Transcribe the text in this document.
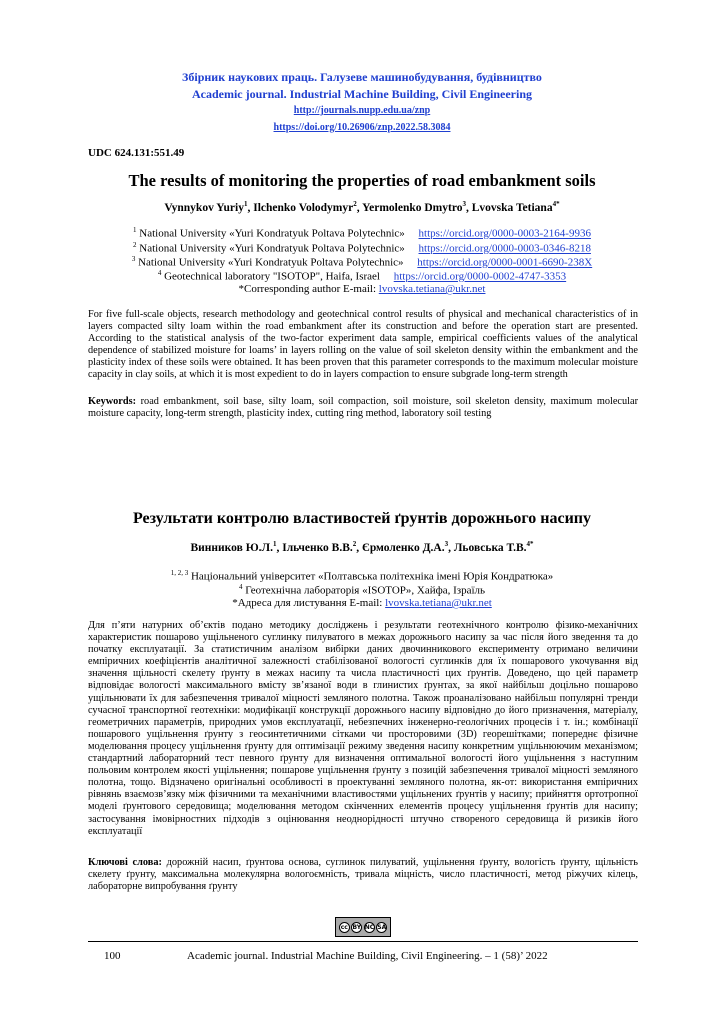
Збірник наукових праць. Галузеве машинобудування, будівництво
Academic journal. Industrial Machine Building, Civil Engineering
http://journals.nupp.edu.ua/znp
https://doi.org/10.26906/znp.2022.58.3084
UDC 624.131:551.49
The results of monitoring the properties of road embankment soils
Vynnykov Yuriy$^1$, Ilchenko Volodymyr$^2$, Yermolenko Dmytro$^3$, Lvovska Tetiana$^{4*}$
$^1$ National University «Yuri Kondratyuk Poltava Polytechnic» https://orcid.org/0000-0003-2164-9936
$^2$ National University «Yuri Kondratyuk Poltava Polytechnic» https://orcid.org/0000-0003-0346-8218
$^3$ National University «Yuri Kondratyuk Poltava Polytechnic» https://orcid.org/0000-0001-6690-238X
$^4$ Geotechnical laboratory "ISOTOP", Haifa, Israel https://orcid.org/0000-0002-4747-3353
*Corresponding author E-mail: lvovska.tetiana@ukr.net
For five full-scale objects, research methodology and geotechnical control results of physical and mechanical characteristics of in layers compacted silty loam within the road embankment after its construction and before the operation start are presented. According to the statistical analysis of the two-factor experiment data sample, empirical coefficients values of the analytical dependence of stabilized moisture for loams’ in layers rolling on the value of soil skeleton density within the embankment and the plasticity index of these soils were obtained. It has been proven that this parameter corresponds to the maximum molecular moisture capacity in clay soils, at which it is most expedient to do in layers compaction to ensure subgrade long-term strength
Keywords: road embankment, soil base, silty loam, soil compaction, soil moisture, soil skeleton density, maximum molecular moisture capacity, long-term strength, plasticity index, cutting ring method, laboratory soil testing
Результати контролю властивостей ґрунтів дорожнього насипу
Винников Ю.Л.$^1$, Ільченко В.В.$^2$, Єрмоленко Д.А.$^3$, Льовська Т.В.$^{4*}$
$^{1, 2, 3}$ Національний університет «Полтавська політехніка імені Юрія Кондратюка»
$^4$ Геотехнічна лабораторія «ISOTOP», Хайфа, Ізраїль
*Адреса для листування E-mail: lvovska.tetiana@ukr.net
Для п’яти натурних об’єктів подано методику досліджень і результати геотехнічного контролю фізико-механічних характеристик пошарово ущільненого суглинку пилуватого в межах дорожнього насипу за час після його зведення та до початку експлуатації. За статистичним аналізом вибірки даних двочинникового експерименту отримано величини емпіричних коефіцієнтів аналітичної залежності стабілізованої вологості суглинків для їх пошарового укочування від значення щільності скелету ґрунту в межах насипу та числа пластичності цих ґрунтів. Доведено, що цей параметр відповідає вологості максимального вмісту зв’язаної води в глинистих ґрунтах, за якої найбільш доцільно пошарово ущільнювати їх для забезпечення тривалої міцності земляного полотна. Також проаналізовано найбільш популярні тренди сучасної транспортної геотехніки: модифікації конструкції дорожнього насипу відповідно до його призначення, матеріалу, геометричних параметрів, природних умов експлуатації, небезпечних інженерно-геологічних процесів і т. ін.; комбінації пошарового ущільнення ґрунту з геосинтетичними сітками чи просторовими (3D) георешітками; попереднє фізичне моделювання процесу ущільнення ґрунту для оптимізації режиму зведення насипу конкретним ущільнюючим механізмом; стандартний лабораторний тест певного ґрунту для визначення оптимальної вологості його ущільнення з наступним польовим контролем якості ущільнення; пошарове ущільнення ґрунту з позицій забезпечення тривалої міцності земляного полотна, тощо. Відзначено оригінальні особливості в проектуванні земляного полотна, як-от: використання емпіричних рівнянь взаємозв’язку між фізичними та механічними властивостями ущільнених ґрунтів у насипу; прийняття ортотропної моделі ґрунтового середовища; моделювання методом скінченних елементів процесу ущільнення ґрунтів для насипу; застосування імовірностних підходів з оцінювання неоднорідності штучно створеного середовища й ризиків його експлуатації
Ключові слова: дорожній насип, ґрунтова основа, суглинок пилуватий, ущільнення ґрунту, вологість ґрунту, щільність скелету ґрунту, максимальна молекулярна вологоємність, тривала міцність, число пластичності, метод ріжучих кілець, лабораторне випробування ґрунту
cc BY NC SA
100	Academic journal. Industrial Machine Building, Civil Engineering. – 1 (58)’ 2022
